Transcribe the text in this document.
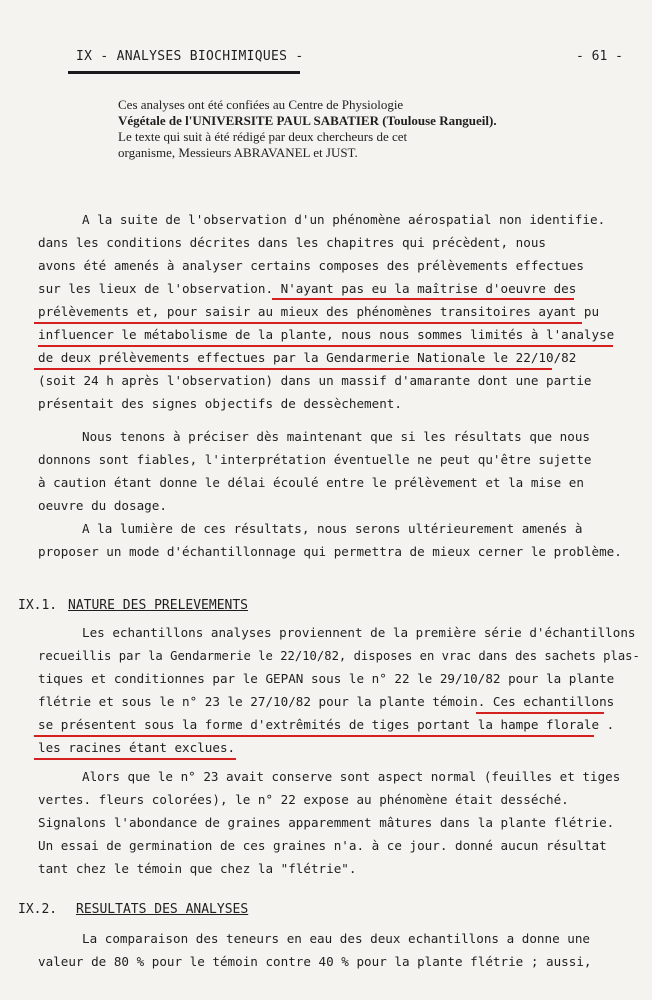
IX - ANALYSES BIOCHIMIQUES -	- 61 -
Ces analyses ont été confiées au Centre de Physiologie
Végétale de l'UNIVERSITE PAUL SABATIER (Toulouse Rangueil).
Le texte qui suit à été rédigé par deux chercheurs de cet
organisme, Messieurs ABRAVANEL et JUST.
A la suite de l'observation d'un phénomène aérospatial non identifie.
dans les conditions décrites dans les chapitres qui précèdent, nous
avons été amenés à analyser certains composes des prélèvements effectues
sur les lieux de l'observation. N'ayant pas eu la maîtrise d'oeuvre des
prélèvements et, pour saisir au mieux des phénomènes transitoires ayant pu
influencer le métabolisme de la plante, nous nous sommes limités à l'analyse
de deux prélèvements effectues par la Gendarmerie Nationale le 22/10/82
(soit 24 h après l'observation) dans un massif d'amarante dont une partie
présentait des signes objectifs de dessèchement.
Nous tenons à préciser dès maintenant que si les résultats que nous
donnons sont fiables, l'interprétation éventuelle ne peut qu'être sujette
à caution étant donne le délai écoulé entre le prélèvement et la mise en
oeuvre du dosage.
A la lumière de ces résultats, nous serons ultérieurement amenés à
proposer un mode d'échantillonnage qui permettra de mieux cerner le problème.
IX.1. NATURE DES PRELEVEMENTS
Les echantillons analyses proviennent de la première série d'échantillons
recueillis par la Gendarmerie le 22/10/82, disposes en vrac dans des sachets plas-
tiques et conditionnes par le GEPAN sous le n° 22 le 29/10/82 pour la plante
flétrie et sous le n° 23 le 27/10/82 pour la plante témoin. Ces echantillons
se présentent sous la forme d'extrêmités de tiges portant la hampe florale .
les racines étant exclues.
Alors que le n° 23 avait conserve sont aspect normal (feuilles et tiges
vertes. fleurs colorées), le n° 22 expose au phénomène était desséché.
Signalons l'abondance de graines apparemment mâtures dans la plante flétrie.
Un essai de germination de ces graines n'a. à ce jour. donné aucun résultat
tant chez le témoin que chez la "flétrie".
IX.2. RESULTATS DES ANALYSES
La comparaison des teneurs en eau des deux echantillons a donne une
valeur de 80 % pour le témoin contre 40 % pour la plante flétrie ; aussi,
